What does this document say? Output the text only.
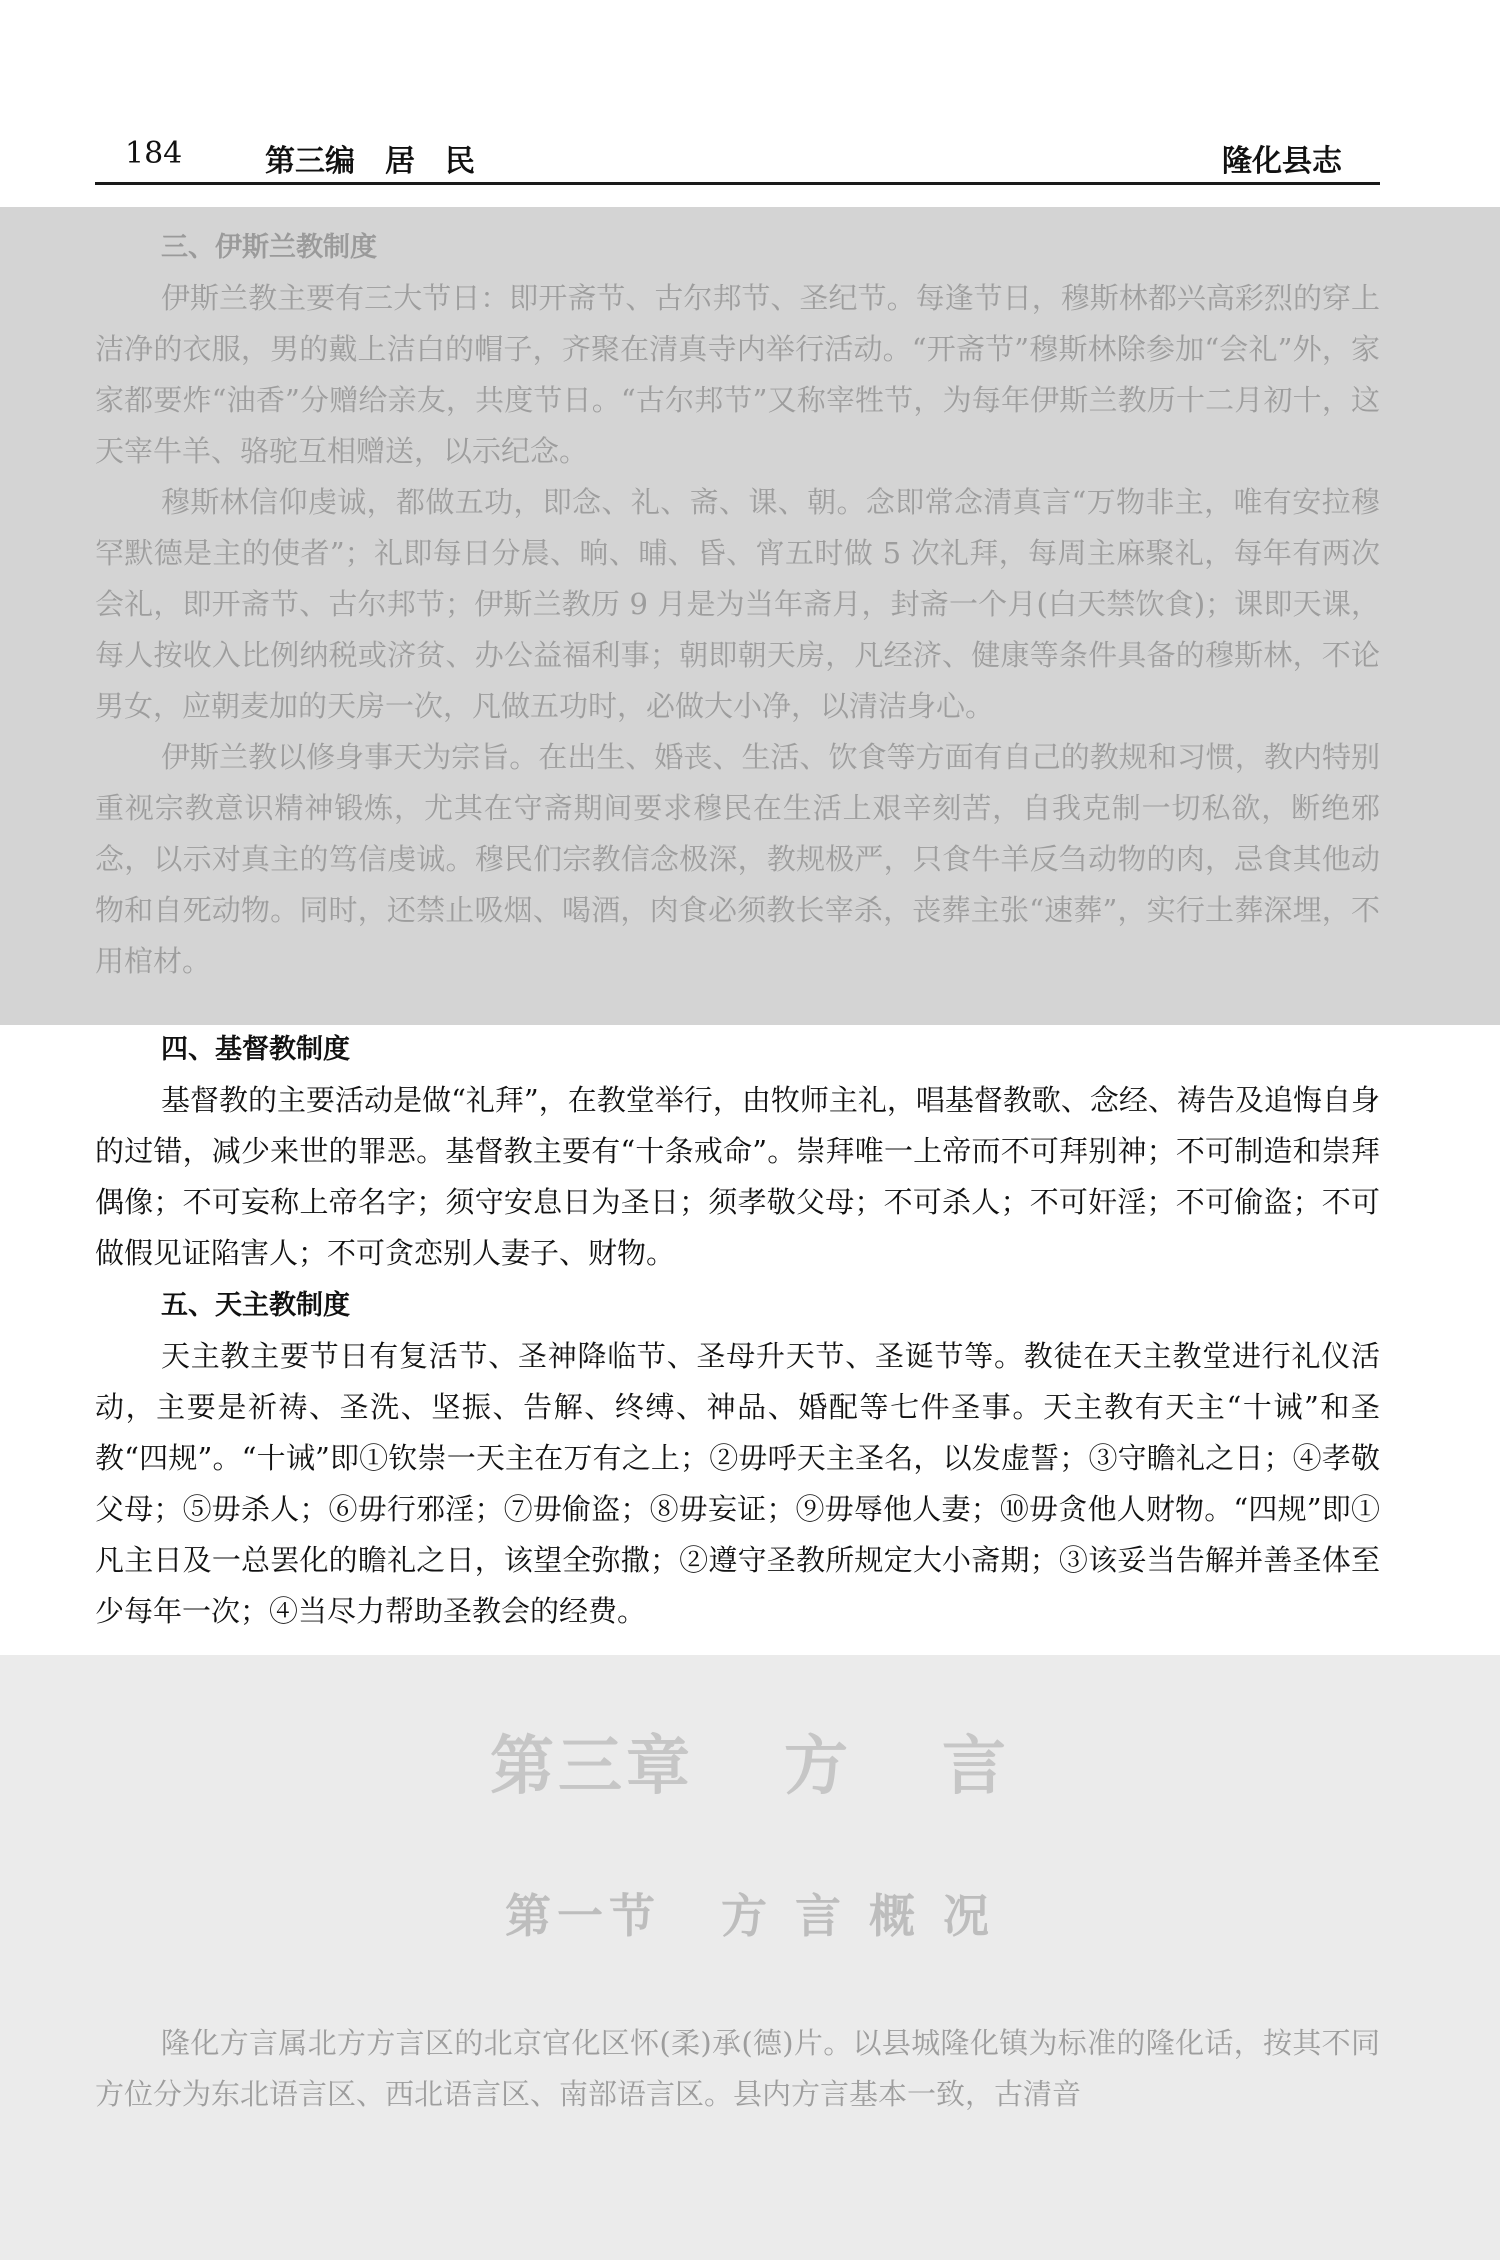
184	第三编　居　民	隆化县志
三、伊斯兰教制度

伊斯兰教主要有三大节日：即开斋节、古尔邦节、圣纪节。每逢节日，穆斯林都兴高彩烈的穿上洁净的衣服，男的戴上洁白的帽子，齐聚在清真寺内举行活动。“开斋节”穆斯林除参加“会礼”外，家家都要炸“油香”分赠给亲友，共度节日。“古尔邦节”又称宰牲节，为每年伊斯兰教历十二月初十，这天宰牛羊、骆驼互相赠送，以示纪念。

穆斯林信仰虔诚，都做五功，即念、礼、斋、课、朝。念即常念清真言“万物非主，唯有安拉穆罕默德是主的使者”；礼即每日分晨、晌、晡、昏、宵五时做 5 次礼拜，每周主麻聚礼，每年有两次会礼，即开斋节、古尔邦节；伊斯兰教历 9 月是为当年斋月，封斋一个月(白天禁饮食)；课即天课，每人按收入比例纳税或济贫、办公益福利事；朝即朝天房，凡经济、健康等条件具备的穆斯林，不论男女，应朝麦加的天房一次，凡做五功时，必做大小净，以清洁身心。

伊斯兰教以修身事天为宗旨。在出生、婚丧、生活、饮食等方面有自己的教规和习惯，教内特别重视宗教意识精神锻炼，尤其在守斋期间要求穆民在生活上艰辛刻苦，自我克制一切私欲，断绝邪念，以示对真主的笃信虔诚。穆民们宗教信念极深，教规极严，只食牛羊反刍动物的肉，忌食其他动物和自死动物。同时，还禁止吸烟、喝酒，肉食必须教长宰杀，丧葬主张“速葬”，实行土葬深埋，不用棺材。

四、基督教制度

基督教的主要活动是做“礼拜”，在教堂举行，由牧师主礼，唱基督教歌、念经、祷告及追悔自身的过错，减少来世的罪恶。基督教主要有“十条戒命”。崇拜唯一上帝而不可拜别神；不可制造和崇拜偶像；不可妄称上帝名字；须守安息日为圣日；须孝敬父母；不可杀人；不可奸淫；不可偷盗；不可做假见证陷害人；不可贪恋别人妻子、财物。

五、天主教制度

天主教主要节日有复活节、圣神降临节、圣母升天节、圣诞节等。教徒在天主教堂进行礼仪活动，主要是祈祷、圣洗、坚振、告解、终缚、神品、婚配等七件圣事。天主教有天主“十诫”和圣教“四规”。“十诫”即①钦崇一天主在万有之上；②毋呼天主圣名，以发虚誓；③守瞻礼之日；④孝敬父母；⑤毋杀人；⑥毋行邪淫；⑦毋偷盗；⑧毋妄证；⑨毋辱他人妻；⑩毋贪他人财物。“四规”即①凡主日及一总罢化的瞻礼之日，该望全弥撒；②遵守圣教所规定大小斋期；③该妥当告解并善圣体至少每年一次；④当尽力帮助圣教会的经费。

第三章 方 言
第一节 方 言 概 况

隆化方言属北方方言区的北京官化区怀(柔)承(德)片。以县城隆化镇为标准的隆化话，按其不同方位分为东北语言区、西北语言区、南部语言区。县内方言基本一致，古清音
